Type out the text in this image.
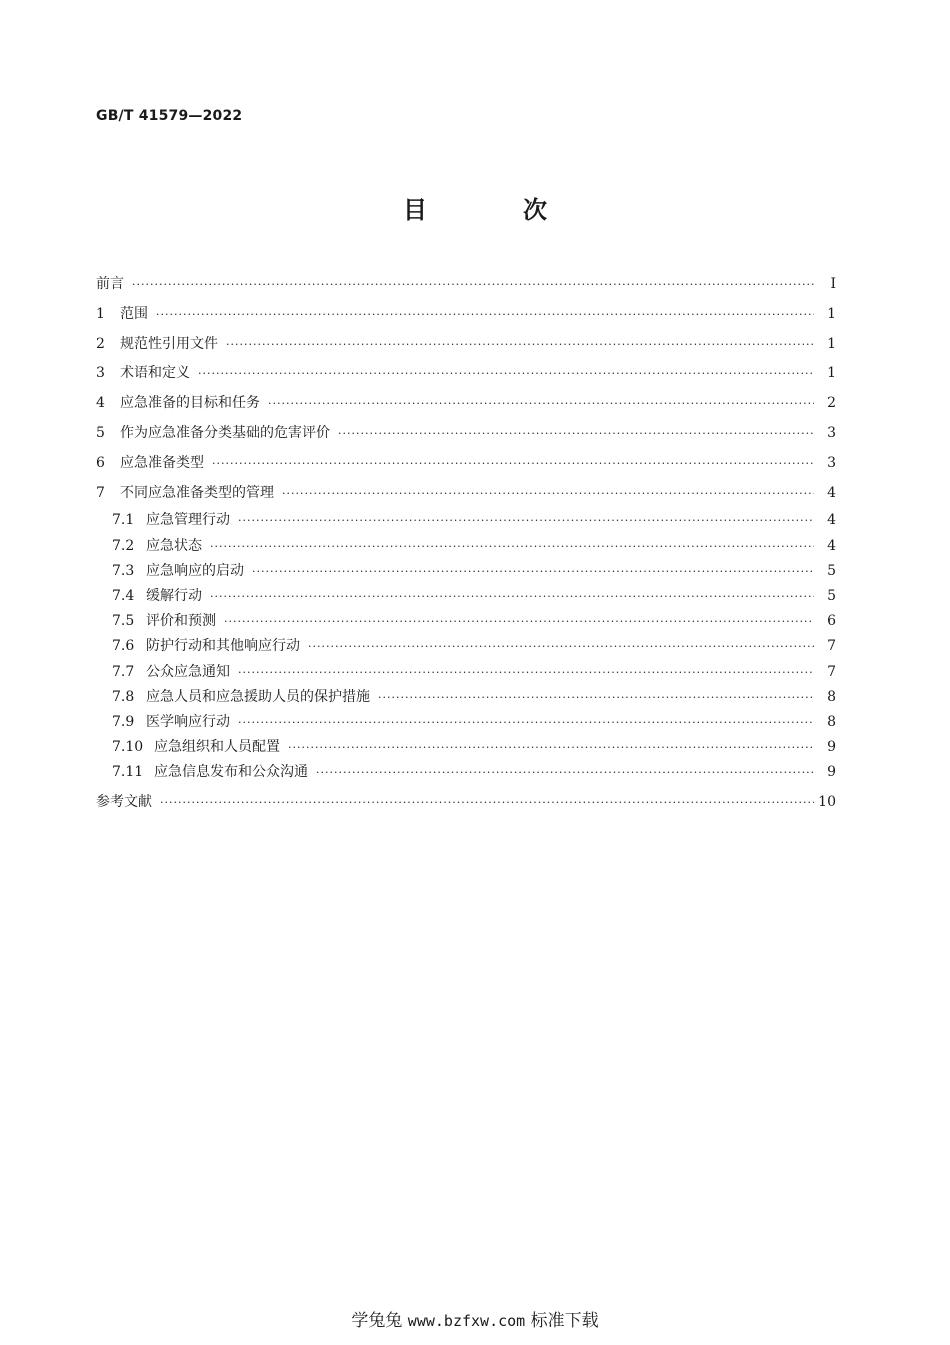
GB/T 41579—2022
目　次
前言 ·····	Ⅰ
1	范围 ·····	1
2	规范性引用文件 ·····	1
3	术语和定义 ·····	1
4	应急准备的目标和任务 ·····	2
5	作为应急准备分类基础的危害评价 ·····	3
6	应急准备类型 ·····	3
7	不同应急准备类型的管理 ·····	4
7.1 应急管理行动 ·····	4
7.2 应急状态 ·····	4
7.3 应急响应的启动 ·····	5
7.4 缓解行动 ·····	5
7.5 评价和预测 ·····	6
7.6 防护行动和其他响应行动 ·····	7
7.7 公众应急通知 ·····	7
7.8 应急人员和应急援助人员的保护措施 ·····	8
7.9 医学响应行动 ·····	8
7.10 应急组织和人员配置 ·····	9
7.11 应急信息发布和公众沟通 ·····	9
参考文献 ·····	10
学兔兔 www.bzfxw.com 标准下载
